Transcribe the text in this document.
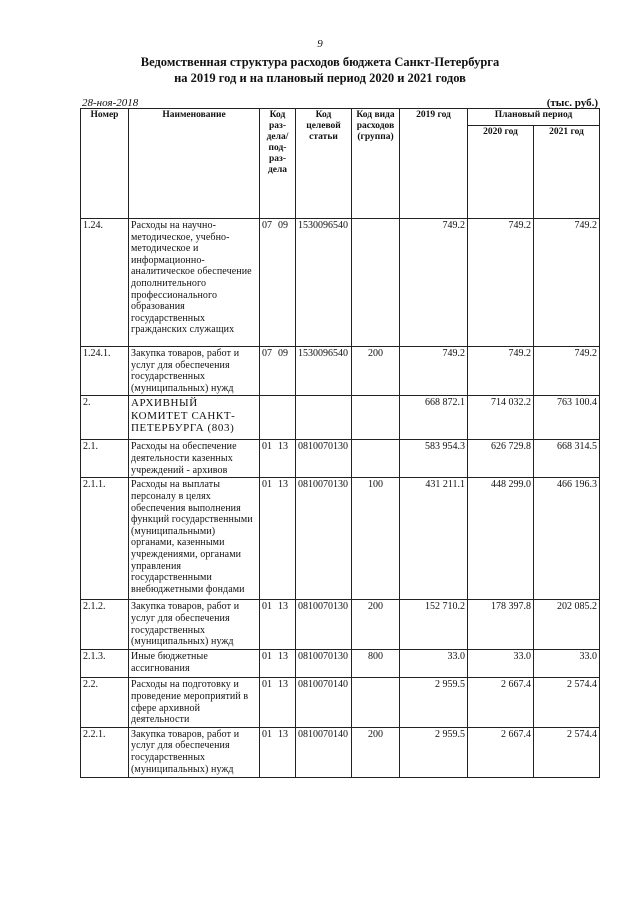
9
Ведомственная структура расходов бюджета Санкт-Петербурга
на 2019 год и на плановый период 2020 и 2021 годов
28-ноя-2018	(тыс. руб.)
Номер	Наименование	Код раз-дела/ под-раз-дела	Код целевой статьи	Код вида расходов (группа)	2019 год	Плановый период	
						2020 год	2021 год
1.24.	Расходы на научно-методическое, учебно-методическое и информационно-аналитическое обеспечение дополнительного профессионального образования государственных гражданских служащих	07 09	1530096540		749.2	749.2	749.2
1.24.1.	Закупка товаров, работ и услуг для обеспечения государственных (муниципальных) нужд	07 09	1530096540	200	749.2	749.2	749.2
2.	АРХИВНЫЙ КОМИТЕТ САНКТ-ПЕТЕРБУРГА (803)				668 872.1	714 032.2	763 100.4
2.1.	Расходы на обеспечение деятельности казенных учреждений - архивов	01 13	0810070130		583 954.3	626 729.8	668 314.5
2.1.1.	Расходы на выплаты персоналу в целях обеспечения выполнения функций государственными (муниципальными) органами, казенными учреждениями, органами управления государственными внебюджетными фондами	01 13	0810070130	100	431 211.1	448 299.0	466 196.3
2.1.2.	Закупка товаров, работ и услуг для обеспечения государственных (муниципальных) нужд	01 13	0810070130	200	152 710.2	178 397.8	202 085.2
2.1.3.	Иные бюджетные ассигнования	01 13	0810070130	800	33.0	33.0	33.0
2.2.	Расходы на подготовку и проведение мероприятий в сфере архивной деятельности	01 13	0810070140		2 959.5	2 667.4	2 574.4
2.2.1.	Закупка товаров, работ и услуг для обеспечения государственных (муниципальных) нужд	01 13	0810070140	200	2 959.5	2 667.4	2 574.4
